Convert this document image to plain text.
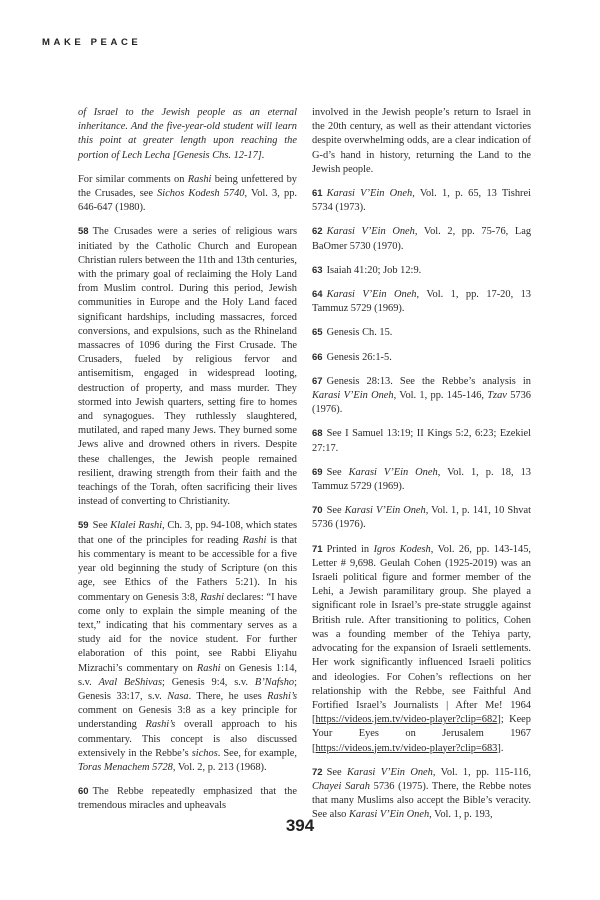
MAKE PEACE

of Israel to the Jewish people as an eternal inheritance. And the five-year-old student will learn this point at greater length upon reaching the portion of Lech Lecha [Genesis Chs. 12-17].

For similar comments on Rashi being unfettered by the Crusades, see Sichos Kodesh 5740, Vol. 3, pp. 646-647 (1980).

58 The Crusades were a series of religious wars initiated by the Catholic Church and European Christian rulers between the 11th and 13th centuries, with the primary goal of reclaiming the Holy Land from Muslim control. During this period, Jewish communities in Europe and the Holy Land faced significant hardships, including massacres, forced conversions, and expulsions, such as the Rhineland massacres of 1096 during the First Crusade. The Crusaders, fueled by religious fervor and antisemitism, engaged in widespread looting, destruction of property, and mass murder. They stormed into Jewish quarters, setting fire to homes and synagogues. They ruthlessly slaughtered, mutilated, and raped many Jews. They burned some Jews alive and drowned others in rivers. Despite these challenges, the Jewish people remained resilient, drawing strength from their faith and the teachings of the Torah, often sacrificing their lives instead of converting to Christianity.

59 See Klalei Rashi, Ch. 3, pp. 94-108, which states that one of the principles for reading Rashi is that his commentary is meant to be accessible for a five year old beginning the study of Scripture (on this age, see Ethics of the Fathers 5:21). In his commentary on Genesis 3:8, Rashi declares: “I have come only to explain the simple meaning of the text,” indicating that his commentary serves as a study aid for the novice student. For further elaboration of this point, see Rabbi Eliyahu Mizrachi’s commentary on Rashi on Genesis 1:14, s.v. Aval BeShivas; Genesis 9:4, s.v. B’Nafsho; Genesis 33:17, s.v. Nasa. There, he uses Rashi’s comment on Genesis 3:8 as a key principle for understanding Rashi’s overall approach to his commentary. This concept is also discussed extensively in the Rebbe’s sichos. See, for example, Toras Menachem 5728, Vol. 2, p. 213 (1968).

60 The Rebbe repeatedly emphasized that the tremendous miracles and upheavals

involved in the Jewish people’s return to Israel in the 20th century, as well as their attendant victories despite overwhelming odds, are a clear indication of G-d’s hand in history, returning the Land to the Jewish people.

61 Karasi V’Ein Oneh, Vol. 1, p. 65, 13 Tishrei 5734 (1973).

62 Karasi V’Ein Oneh, Vol. 2, pp. 75-76, Lag BaOmer 5730 (1970).

63 Isaiah 41:20; Job 12:9.

64 Karasi V’Ein Oneh, Vol. 1, pp. 17-20, 13 Tammuz 5729 (1969).

65 Genesis Ch. 15.

66 Genesis 26:1-5.

67 Genesis 28:13. See the Rebbe’s analysis in Karasi V’Ein Oneh, Vol. 1, pp. 145-146, Tzav 5736 (1976).

68 See I Samuel 13:19; II Kings 5:2, 6:23; Ezekiel 27:17.

69 See Karasi V’Ein Oneh, Vol. 1, p. 18, 13 Tammuz 5729 (1969).

70 See Karasi V’Ein Oneh, Vol. 1, p. 141, 10 Shvat 5736 (1976).

71 Printed in Igros Kodesh, Vol. 26, pp. 143-145, Letter # 9,698. Geulah Cohen (1925-2019) was an Israeli political figure and former member of the Lehi, a Jewish paramilitary group. She played a significant role in Israel’s pre-state struggle against British rule. After transitioning to politics, Cohen was a founding member of the Tehiya party, advocating for the expansion of Israeli settlements. Her work significantly influenced Israeli politics and ideologies. For Cohen’s reflections on her relationship with the Rebbe, see Faithful And Fortified Israel’s Journalists | After Me! 1964 [https://videos.jem.tv/video-player?clip=682]; Keep Your Eyes on Jerusalem 1967 [https://videos.jem.tv/video-player?clip=683].

72 See Karasi V’Ein Oneh, Vol. 1, pp. 115-116, Chayei Sarah 5736 (1975). There, the Rebbe notes that many Muslims also accept the Bible’s veracity. See also Karasi V’Ein Oneh, Vol. 1, p. 193,

394
